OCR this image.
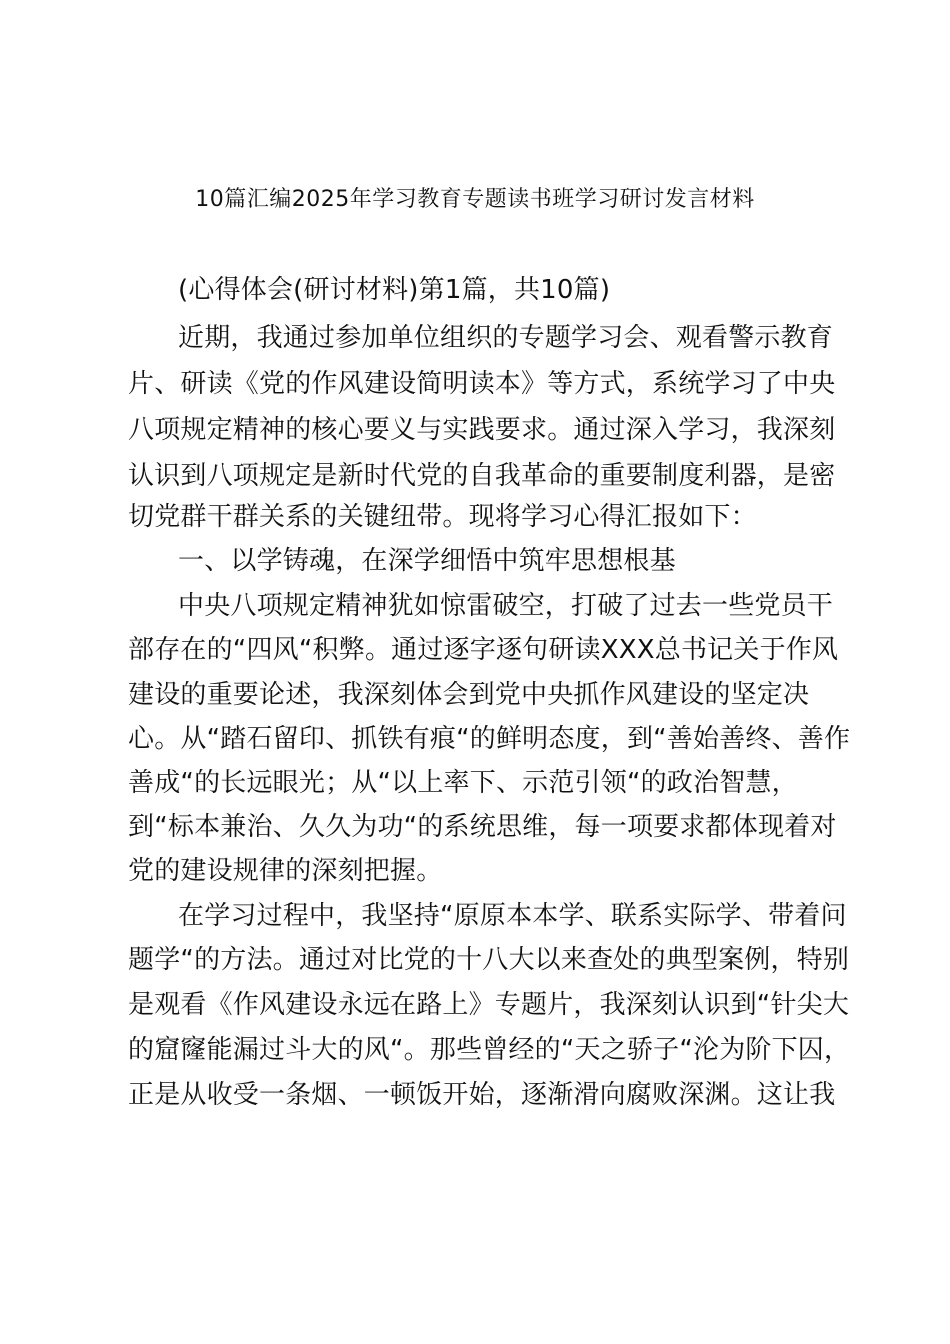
10篇汇编2025年学习教育专题读书班学习研讨发言材料
(心得体会(研讨材料)第1篇，共10篇)
近期，我通过参加单位组织的专题学习会、观看警示教育
片、研读《党的作风建设简明读本》等方式，系统学习了中央
八项规定精神的核心要义与实践要求。通过深入学习，我深刻
认识到八项规定是新时代党的自我革命的重要制度利器，是密
切党群干群关系的关键纽带。现将学习心得汇报如下：
一、以学铸魂，在深学细悟中筑牢思想根基
中央八项规定精神犹如惊雷破空，打破了过去一些党员干
部存在的“四风“积弊。通过逐字逐句研读XXX总书记关于作风
建设的重要论述，我深刻体会到党中央抓作风建设的坚定决
心。从“踏石留印、抓铁有痕“的鲜明态度，到“善始善终、善作
善成“的长远眼光；从“以上率下、示范引领“的政治智慧，
到“标本兼治、久久为功“的系统思维，每一项要求都体现着对
党的建设规律的深刻把握。
在学习过程中，我坚持“原原本本学、联系实际学、带着问
题学“的方法。通过对比党的十八大以来查处的典型案例，特别
是观看《作风建设永远在路上》专题片，我深刻认识到“针尖大
的窟窿能漏过斗大的风“。那些曾经的“天之骄子“沦为阶下囚，
正是从收受一条烟、一顿饭开始，逐渐滑向腐败深渊。这让我
